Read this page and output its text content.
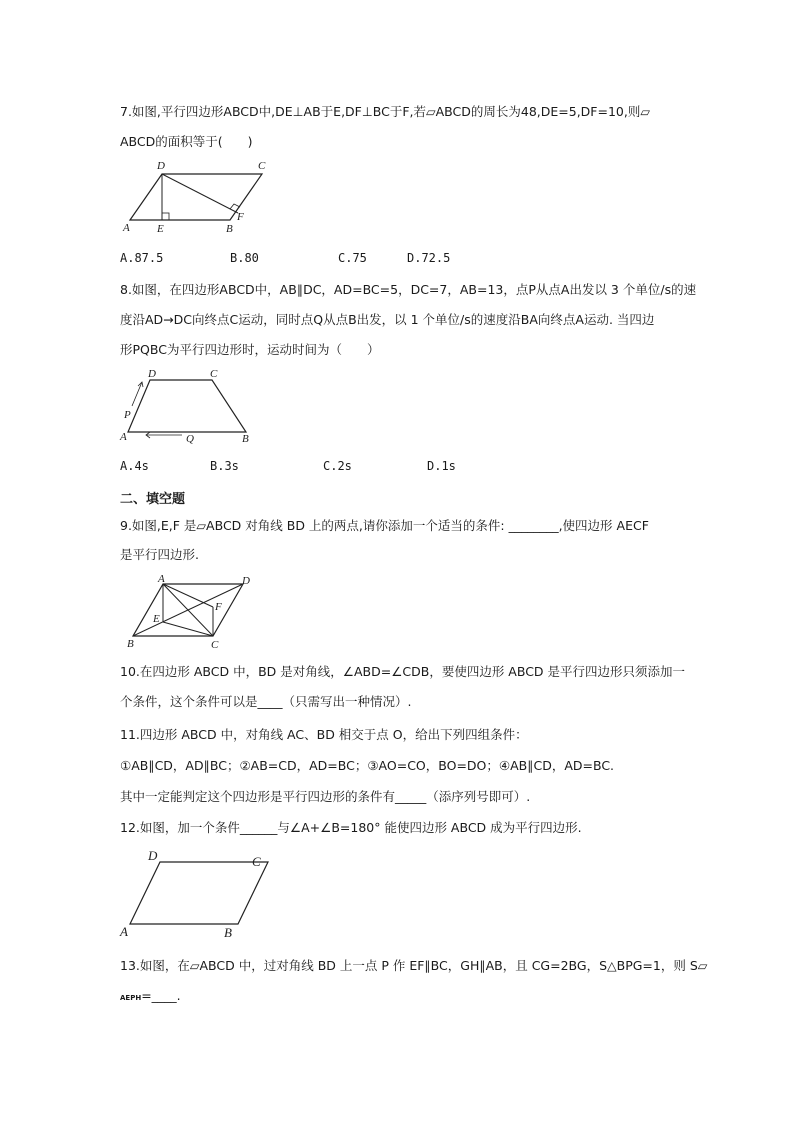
7.如图,平行四边形ABCD中,DE⊥AB于E,DF⊥BC于F,若▱ABCD的周长为48,DE=5,DF=10,则▱
ABCD的面积等于(　　)
D	C
A E	B
F
A.87.5	B.80	C.75	D.72.5
8.如图，在四边形ABCD中，AB∥DC，AD=BC=5，DC=7，AB=13，点P从点A出发以 3 个单位/s的速
度沿AD→DC向终点C运动，同时点Q从点B出发，以 1 个单位/s的速度沿BA向终点A运动. 当四边
形PQBC为平行四边形时，运动时间为（　　）
D	C
P
A	Q	B
A.4s	B.3s	C.2s	D.1s
二、填空题
9.如图,E,F 是▱ABCD 对角线 BD 上的两点,请你添加一个适当的条件: ________,使四边形 AECF
是平行四边形.
A	D
E
F
B	C
10.在四边形 ABCD 中，BD 是对角线，∠ABD=∠CDB，要使四边形 ABCD 是平行四边形只须添加一
个条件，这个条件可以是____（只需写出一种情况）.
11.四边形 ABCD 中，对角线 AC、BD 相交于点 O，给出下列四组条件：
①AB∥CD，AD∥BC；②AB=CD，AD=BC；③AO=CO，BO=DO；④AB∥CD，AD=BC.
其中一定能判定这个四边形是平行四边形的条件有_____（添序列号即可）.
12.如图，加一个条件______与∠A+∠B=180° 能使四边形 ABCD 成为平行四边形.
D	C
A	B
13.如图，在▱ABCD 中，过对角线 BD 上一点 P 作 EF∥BC，GH∥AB，且 CG=2BG，S△BPG=1，则 S▱
AEPH=____.
